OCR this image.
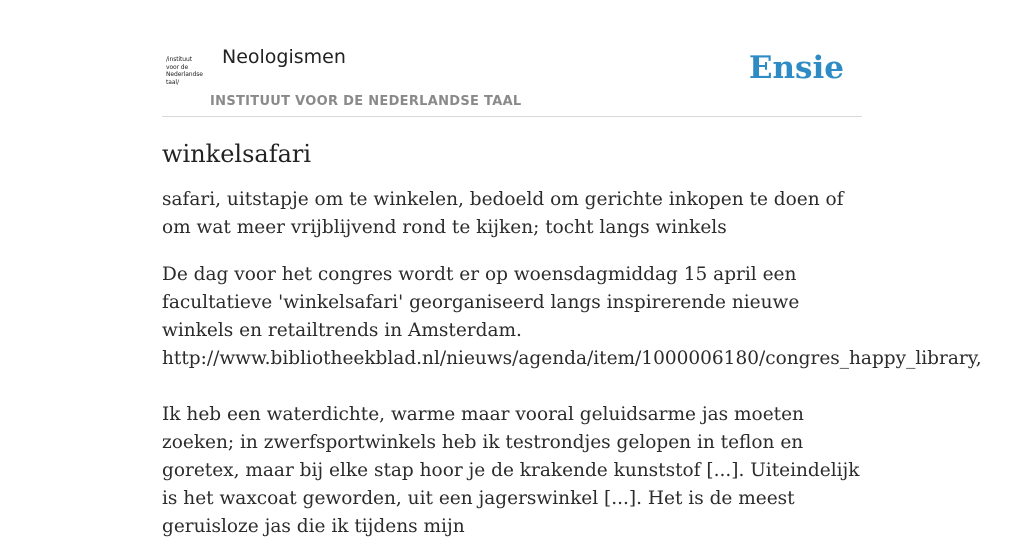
/instituut
voor de
Nederlandse
taal/
Neologismen
INSTITUUT VOOR DE NEDERLANDSE TAAL
Ensie
winkelsafari

safari, uitstapje om te winkelen, bedoeld om gerichte inkopen te doen of om wat meer vrijblijvend rond te kijken; tocht langs winkels

De dag voor het congres wordt er op woensdagmiddag 15 april een facultatieve 'winkelsafari' georganiseerd langs inspirerende nieuwe winkels en retailtrends in Amsterdam.
http://www.bibliotheekblad.nl/nieuws/agenda/item/1000006180/congres_happy_library,

Ik heb een waterdichte, warme maar vooral geluidsarme jas moeten zoeken; in zwerfsportwinkels heb ik testrondjes gelopen in teflon en goretex, maar bij elke stap hoor je de krakende kunststof [...]. Uiteindelijk is het waxcoat geworden, uit een jagerswinkel [...]. Het is de meest geruisloze jas die ik tijdens mijn
